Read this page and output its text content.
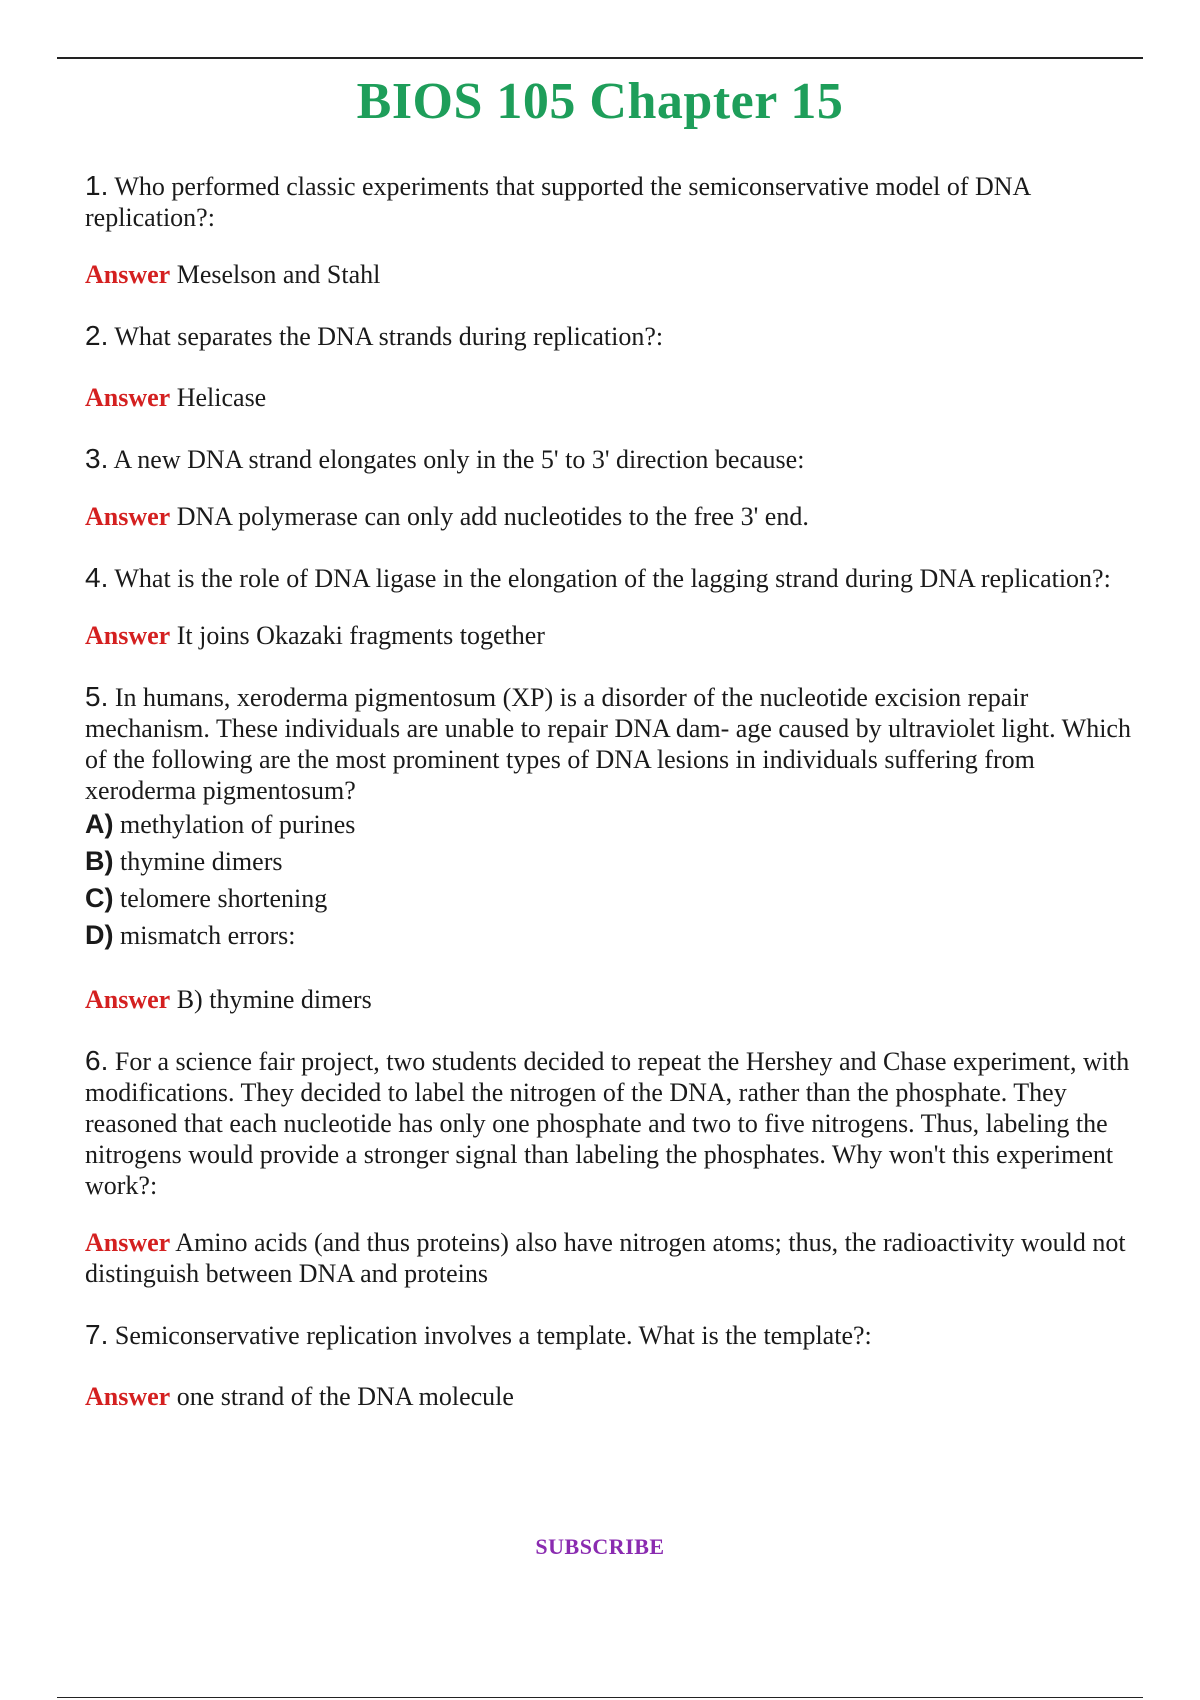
BIOS 105 Chapter 15

1. Who performed classic experiments that supported the semiconservative model of DNA replication?:

Answer Meselson and Stahl

2. What separates the DNA strands during replication?:

Answer Helicase

3. A new DNA strand elongates only in the 5' to 3' direction because:

Answer DNA polymerase can only add nucleotides to the free 3' end.

4. What is the role of DNA ligase in the elongation of the lagging strand during DNA replication?:

Answer It joins Okazaki fragments together

5. In humans, xeroderma pigmentosum (XP) is a disorder of the nucleotide excision repair mechanism. These individuals are unable to repair DNA dam- age caused by ultraviolet light. Which of the following are the most prominent types of DNA lesions in individuals suffering from xeroderma pigmentosum?

A) methylation of purines
B) thymine dimers
C) telomere shortening
D) mismatch errors:

Answer B) thymine dimers

6. For a science fair project, two students decided to repeat the Hershey and Chase experiment, with modifications. They decided to label the nitrogen of the DNA, rather than the phosphate. They reasoned that each nucleotide has only one phosphate and two to five nitrogens. Thus, labeling the nitrogens would provide a stronger signal than labeling the phosphates. Why won't this experiment work?:

Answer Amino acids (and thus proteins) also have nitrogen atoms; thus, the radioactivity would not distinguish between DNA and proteins

7. Semiconservative replication involves a template. What is the template?:

Answer one strand of the DNA molecule

SUBSCRIBE
